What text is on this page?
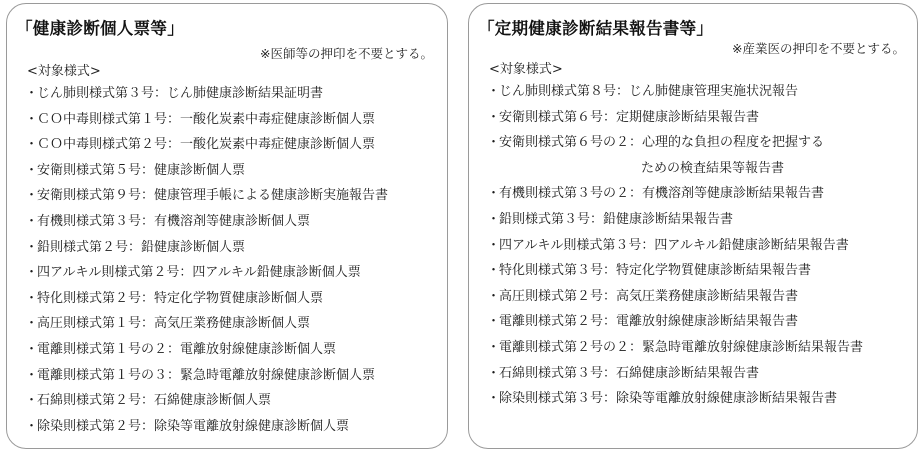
「健康診断個人票等」
※医師等の押印を不要とする。
<対象様式>
・じん肺則様式第３号：じん肺健康診断結果証明書
・ＣＯ中毒則様式第１号：一酸化炭素中毒症健康診断個人票
・ＣＯ中毒則様式第２号：一酸化炭素中毒症健康診断個人票
・安衛則様式第５号：健康診断個人票
・安衛則様式第９号：健康管理手帳による健康診断実施報告書
・有機則様式第３号：有機溶剤等健康診断個人票
・鉛則様式第２号：鉛健康診断個人票
・四アルキル則様式第２号：四アルキル鉛健康診断個人票
・特化則様式第２号：特定化学物質健康診断個人票
・高圧則様式第１号：高気圧業務健康診断個人票
・電離則様式第１号の２：電離放射線健康診断個人票
・電離則様式第１号の３：緊急時電離放射線健康診断個人票
・石綿則様式第２号：石綿健康診断個人票
・除染則様式第２号：除染等電離放射線健康診断個人票
「定期健康診断結果報告書等」
※産業医の押印を不要とする。
<対象様式>
・じん肺則様式第８号：じん肺健康管理実施状況報告
・安衛則様式第６号：定期健康診断結果報告書
・安衛則様式第６号の２：心理的な負担の程度を把握する
ための検査結果等報告書
・有機則様式第３号の２：有機溶剤等健康診断結果報告書
・鉛則様式第３号：鉛健康診断結果報告書
・四アルキル則様式第３号：四アルキル鉛健康診断結果報告書
・特化則様式第３号：特定化学物質健康診断結果報告書
・高圧則様式第２号：高気圧業務健康診断結果報告書
・電離則様式第２号：電離放射線健康診断結果報告書
・電離則様式第２号の２：緊急時電離放射線健康診断結果報告書
・石綿則様式第３号：石綿健康診断結果報告書
・除染則様式第３号：除染等電離放射線健康診断結果報告書
